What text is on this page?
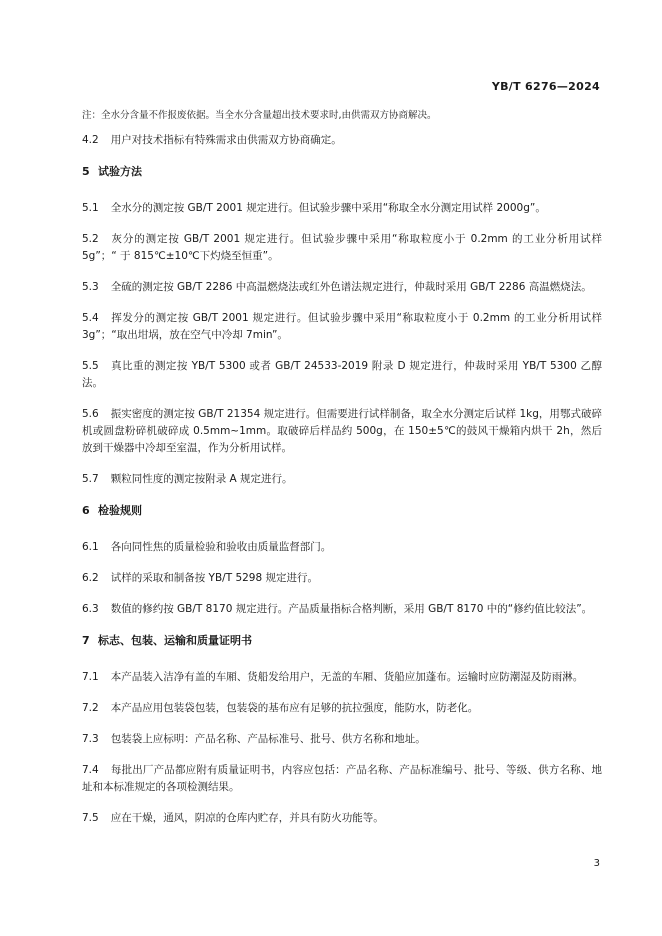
YB/T 6276—2024
注：全水分含量不作报废依据。当全水分含量超出技术要求时,由供需双方协商解决。
4.2 用户对技术指标有特殊需求由供需双方协商确定。
5 试验方法
5.1 全水分的测定按 GB/T 2001 规定进行。但试验步骤中采用“称取全水分测定用试样 2000g”。
5.2 灰分的测定按 GB/T 2001 规定进行。但试验步骤中采用“称取粒度小于 0.2mm 的工业分析用试样 5g”；“ 于 815℃±10℃下灼烧至恒重”。
5.3 全硫的测定按 GB/T 2286 中高温燃烧法或红外色谱法规定进行，仲裁时采用 GB/T 2286 高温燃烧法。
5.4 挥发分的测定按 GB/T 2001 规定进行。但试验步骤中采用“称取粒度小于 0.2mm 的工业分析用试样 3g”；“取出坩埚，放在空气中冷却 7min”。
5.5 真比重的测定按 YB/T 5300 或者 GB/T 24533-2019 附录 D 规定进行，仲裁时采用 YB/T 5300 乙醇法。
5.6 振实密度的测定按 GB/T 21354 规定进行。但需要进行试样制备，取全水分测定后试样 1kg，用鄂式破碎机或圆盘粉碎机破碎成 0.5mm~1mm。取破碎后样品约 500g，在 150±5℃的鼓风干燥箱内烘干 2h，然后放到干燥器中冷却至室温，作为分析用试样。
5.7 颗粒同性度的测定按附录 A 规定进行。
6 检验规则
6.1 各向同性焦的质量检验和验收由质量监督部门。
6.2 试样的采取和制备按 YB/T 5298 规定进行。
6.3 数值的修约按 GB/T 8170 规定进行。产品质量指标合格判断，采用 GB/T 8170 中的“修约值比较法”。
7 标志、包装、运输和质量证明书
7.1 本产品装入洁净有盖的车厢、货船发给用户，无盖的车厢、货船应加蓬布。运输时应防潮湿及防雨淋。
7.2 本产品应用包装袋包装，包装袋的基布应有足够的抗拉强度，能防水，防老化。
7.3 包装袋上应标明：产品名称、产品标准号、批号、供方名称和地址。
7.4 每批出厂产品都应附有质量证明书，内容应包括：产品名称、产品标准编号、批号、等级、供方名称、地址和本标准规定的各项检测结果。
7.5 应在干燥，通风，阴凉的仓库内贮存，并具有防火功能等。
3
